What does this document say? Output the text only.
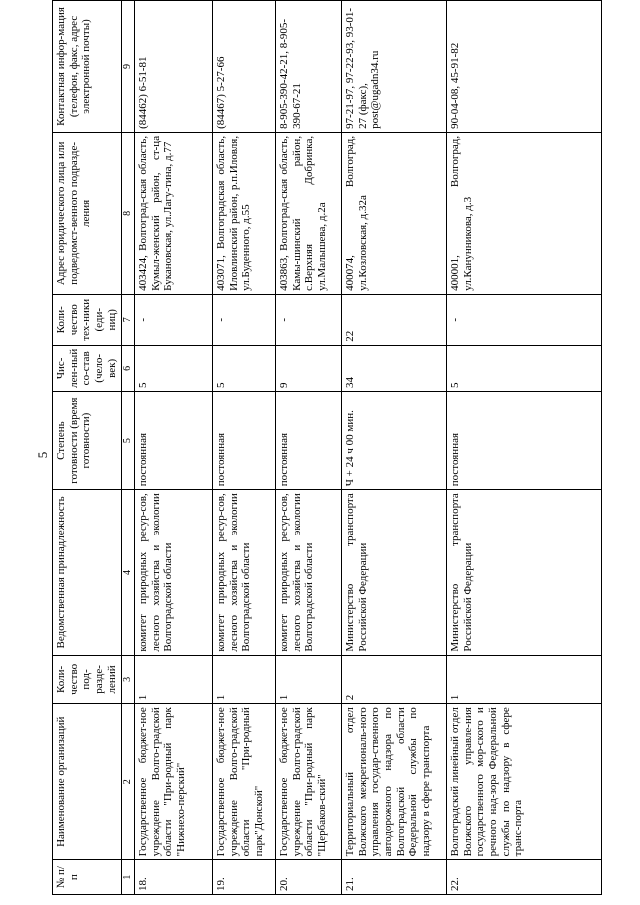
5
№ п/п	Наименование организаций	Коли-чество под-разде-лений	Ведомственная принадлежность	Степень готовности (время готовности)	Чис-лен-ный со-став (чело-век)	Коли-чество тех-ники (еди-ниц)	Адрес юридического лица или подведомст-венного подразде-ления	Контактная инфор-мация (телефон, факс, адрес электронной почты)
1	2	3	4	5	6	7	8	9
18.	Государственное бюджет-ное учреждение Волго-градской области "При-родный парк "Нижнехо-перский"	1	комитет природных ресур-сов, лесного хозяйства и экологии Волгоградской области	постоянная	5	-	403424, Волгоград-ская область, Кумыл-женский район, ст-ца Букановская, ул.Лагу-тина, д.77	(84462) 6-51-81
19.	Государственное бюджет-ное учреждение Волго-градской области "При-родный парк"Донской"	1	комитет природных ресур-сов, лесного хозяйства и экологии Волгоградской области	постоянная	5	-	403071, Волгоградская область, Иловлинский район, р.п.Иловля, ул.Буденного, д.55	(84467) 5-27-66
20.	Государственное бюджет-ное учреждение Волго-градской области "При-родный парк "Щербаков-ский"	1	комитет природных ресур-сов, лесного хозяйства и экологии Волгоградской области	постоянная	9	-	403863, Волгоград-ская область, Камы-шинский район, с.Верхняя Добринка, ул.Малышева, д.2а	8-905-390-42-21, 8-905-390-67-21
21.	Территориальный отдел Волжского межрегиональ-ного управления государ-ственного автодорожного надзора по Волгоградской области Федеральной службы по надзору в сфере транспорта	2	Министерство транспорта Российской Федерации	Ч + 24 ч 00 мин.	34	22	400074, Волгоград, ул.Козловская, д.32а	97-21-97, 97-22-93, 93-01-27 (факс), post@ugadn34.ru
22.	Волгоградский линейный отдел Волжского управле-ния государственного мор-ского и речного над-зора Федеральной службы по надзору в сфере транс-порта	1	Министерство транспорта Российской Федерации	постоянная	5	-	400001, Волгоград, ул.Канунникова, д.3	90-04-08, 45-91-82
